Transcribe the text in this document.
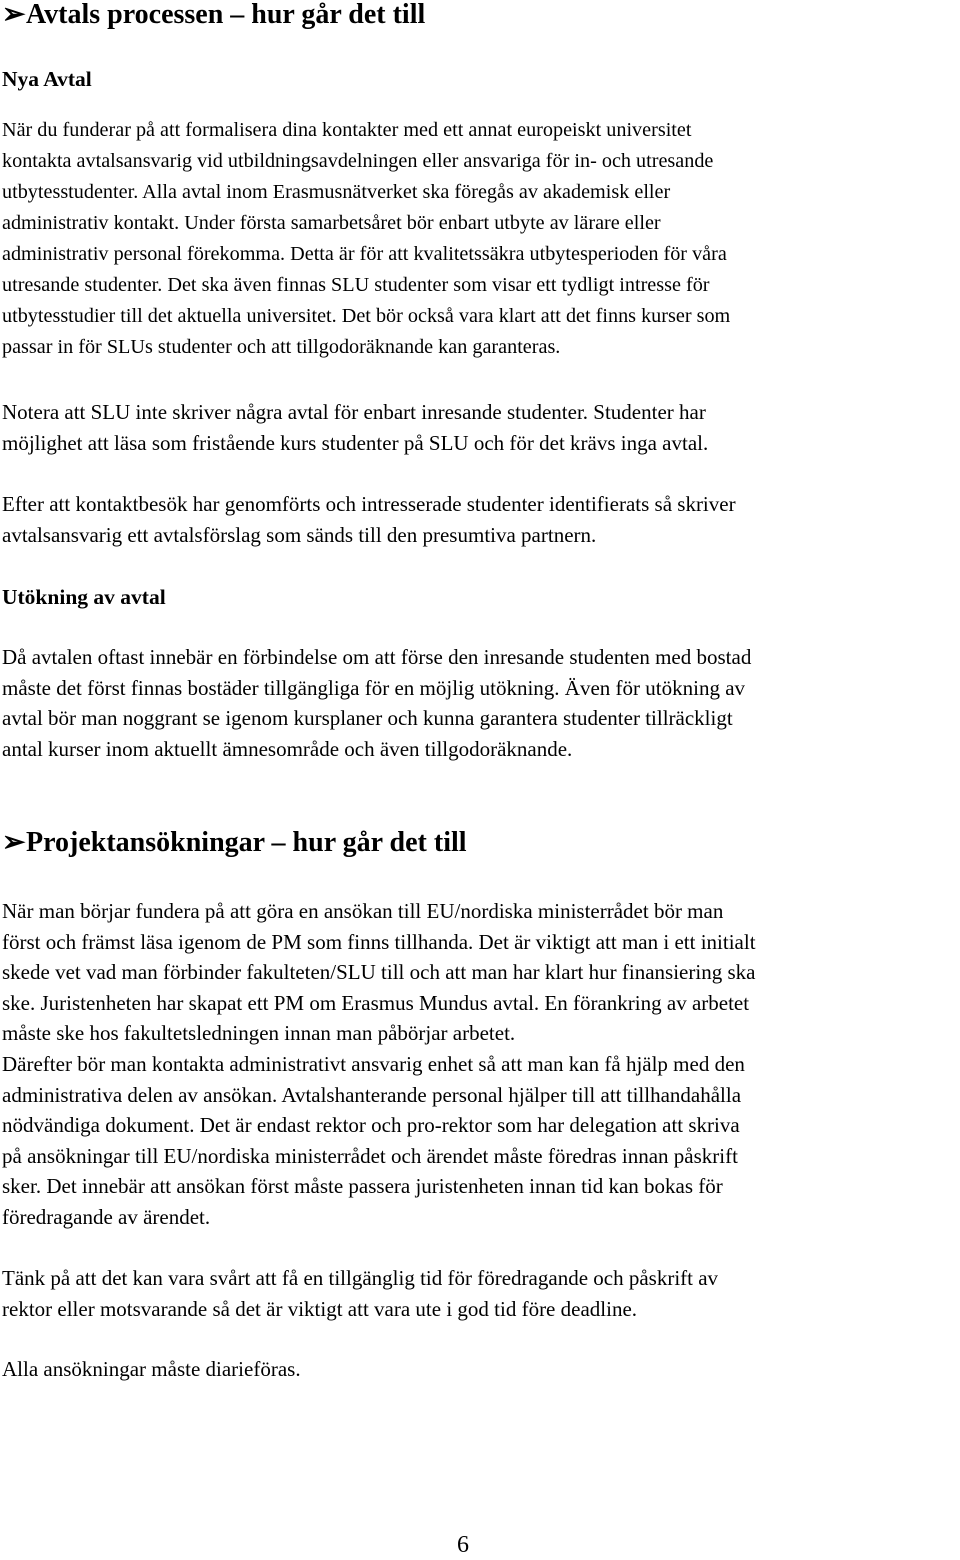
➢Avtals processen – hur går det till
Nya Avtal

När du funderar på att formalisera dina kontakter med ett annat europeiskt universitet
kontakta avtalsansvarig vid utbildningsavdelningen eller ansvariga för in- och utresande
utbytesstudenter. Alla avtal inom Erasmusnätverket ska föregås av akademisk eller
administrativ kontakt. Under första samarbetsåret bör enbart utbyte av lärare eller
administrativ personal förekomma. Detta är för att kvalitetssäkra utbytesperioden för våra
utresande studenter. Det ska även finnas SLU studenter som visar ett tydligt intresse för
utbytesstudier till det aktuella universitet. Det bör också vara klart att det finns kurser som
passar in för SLUs studenter och att tillgodoräknande kan garanteras.

Notera att SLU inte skriver några avtal för enbart inresande studenter. Studenter har
möjlighet att läsa som fristående kurs studenter på SLU och för det krävs inga avtal.

Efter att kontaktbesök har genomförts och intresserade studenter identifierats så skriver
avtalsansvarig ett avtalsförslag som sänds till den presumtiva partnern.

Utökning av avtal

Då avtalen oftast innebär en förbindelse om att förse den inresande studenten med bostad
måste det först finnas bostäder tillgängliga för en möjlig utökning. Även för utökning av
avtal bör man noggrant se igenom kursplaner och kunna garantera studenter tillräckligt
antal kurser inom aktuellt ämnesområde och även tillgodoräknande.

➢Projektansökningar – hur går det till

När man börjar fundera på att göra en ansökan till EU/nordiska ministerrådet bör man
först och främst läsa igenom de PM som finns tillhanda. Det är viktigt att man i ett initialt
skede vet vad man förbinder fakulteten/SLU till och att man har klart hur finansiering ska
ske. Juristenheten har skapat ett PM om Erasmus Mundus avtal. En förankring av arbetet
måste ske hos fakultetsledningen innan man påbörjar arbetet.
Därefter bör man kontakta administrativt ansvarig enhet så att man kan få hjälp med den
administrativa delen av ansökan. Avtalshanterande personal hjälper till att tillhandahålla
nödvändiga dokument. Det är endast rektor och pro-rektor som har delegation att skriva
på ansökningar till EU/nordiska ministerrådet och ärendet måste föredras innan påskrift
sker. Det innebär att ansökan först måste passera juristenheten innan tid kan bokas för
föredragande av ärendet.

Tänk på att det kan vara svårt att få en tillgänglig tid för föredragande och påskrift av
rektor eller motsvarande så det är viktigt att vara ute i god tid före deadline.

Alla ansökningar måste diarieföras.

6
